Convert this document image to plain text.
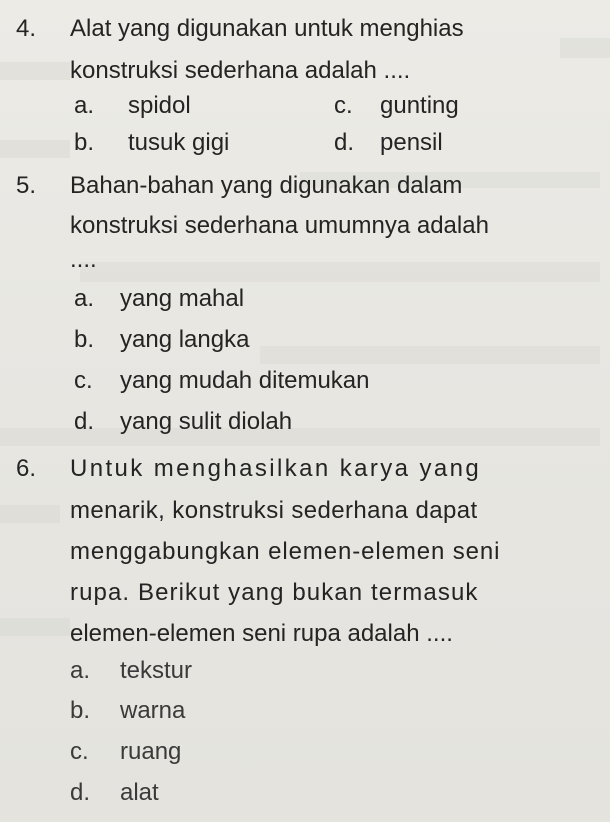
4. Alat yang digunakan untuk menghias
konstruksi sederhana adalah ....
a. spidol	c. gunting
b. tusuk gigi	d. pensil
5. Bahan-bahan yang digunakan dalam
konstruksi sederhana umumnya adalah
....
a. yang mahal
b. yang langka
c. yang mudah ditemukan
d. yang sulit diolah
6. Untuk menghasilkan karya yang
menarik, konstruksi sederhana dapat
menggabungkan elemen-elemen seni
rupa. Berikut yang bukan termasuk
elemen-elemen seni rupa adalah ....
a. tekstur
b. warna
c. ruang
d. alat
